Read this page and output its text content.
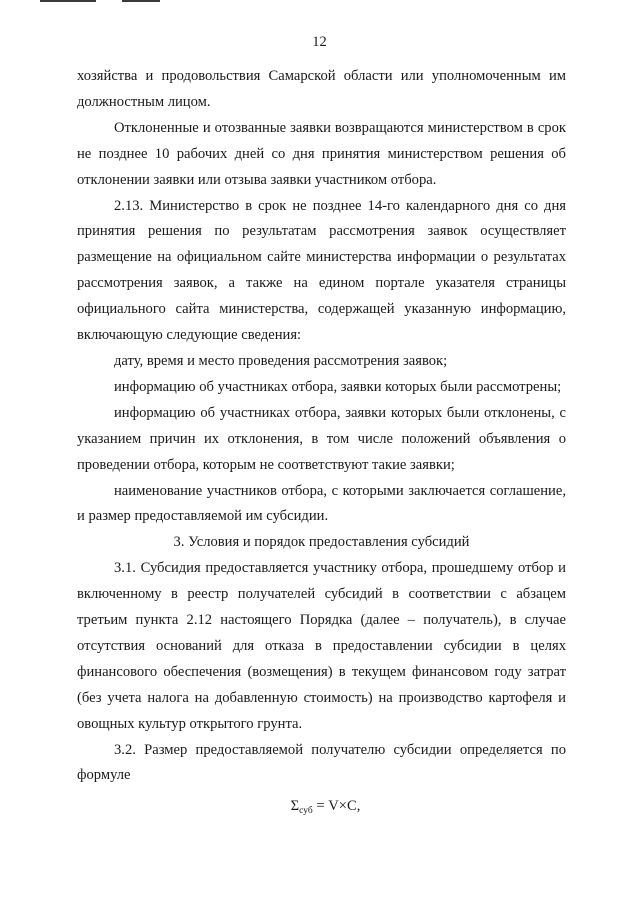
12

хозяйства и продовольствия Самарской области или уполномоченным им должностным лицом.

Отклоненные и отозванные заявки возвращаются министерством в срок не позднее 10 рабочих дней со дня принятия министерством решения об отклонении заявки или отзыва заявки участником отбора.

2.13. Министерство в срок не позднее 14-го календарного дня со дня принятия решения по результатам рассмотрения заявок осуществляет размещение на официальном сайте министерства информации о результатах рассмотрения заявок, а также на едином портале указателя страницы официального сайта министерства, содержащей указанную информацию, включающую следующие сведения:

дату, время и место проведения рассмотрения заявок;

информацию об участниках отбора, заявки которых были рассмотрены;

информацию об участниках отбора, заявки которых были отклонены, с указанием причин их отклонения, в том числе положений объявления о проведении отбора, которым не соответствуют такие заявки;

наименование участников отбора, с которыми заключается соглашение, и размер предоставляемой им субсидии.

3. Условия и порядок предоставления субсидий

3.1. Субсидия предоставляется участнику отбора, прошедшему отбор и включенному в реестр получателей субсидий в соответствии с абзацем третьим пункта 2.12 настоящего Порядка (далее – получатель), в случае отсутствия оснований для отказа в предоставлении субсидии в целях финансового обеспечения (возмещения) в текущем финансовом году затрат (без учета налога на добавленную стоимость) на производство картофеля и овощных культур открытого грунта.

3.2. Размер предоставляемой получателю субсидии определяется по формуле

$\Sigma_{суб} = V\times C$,
